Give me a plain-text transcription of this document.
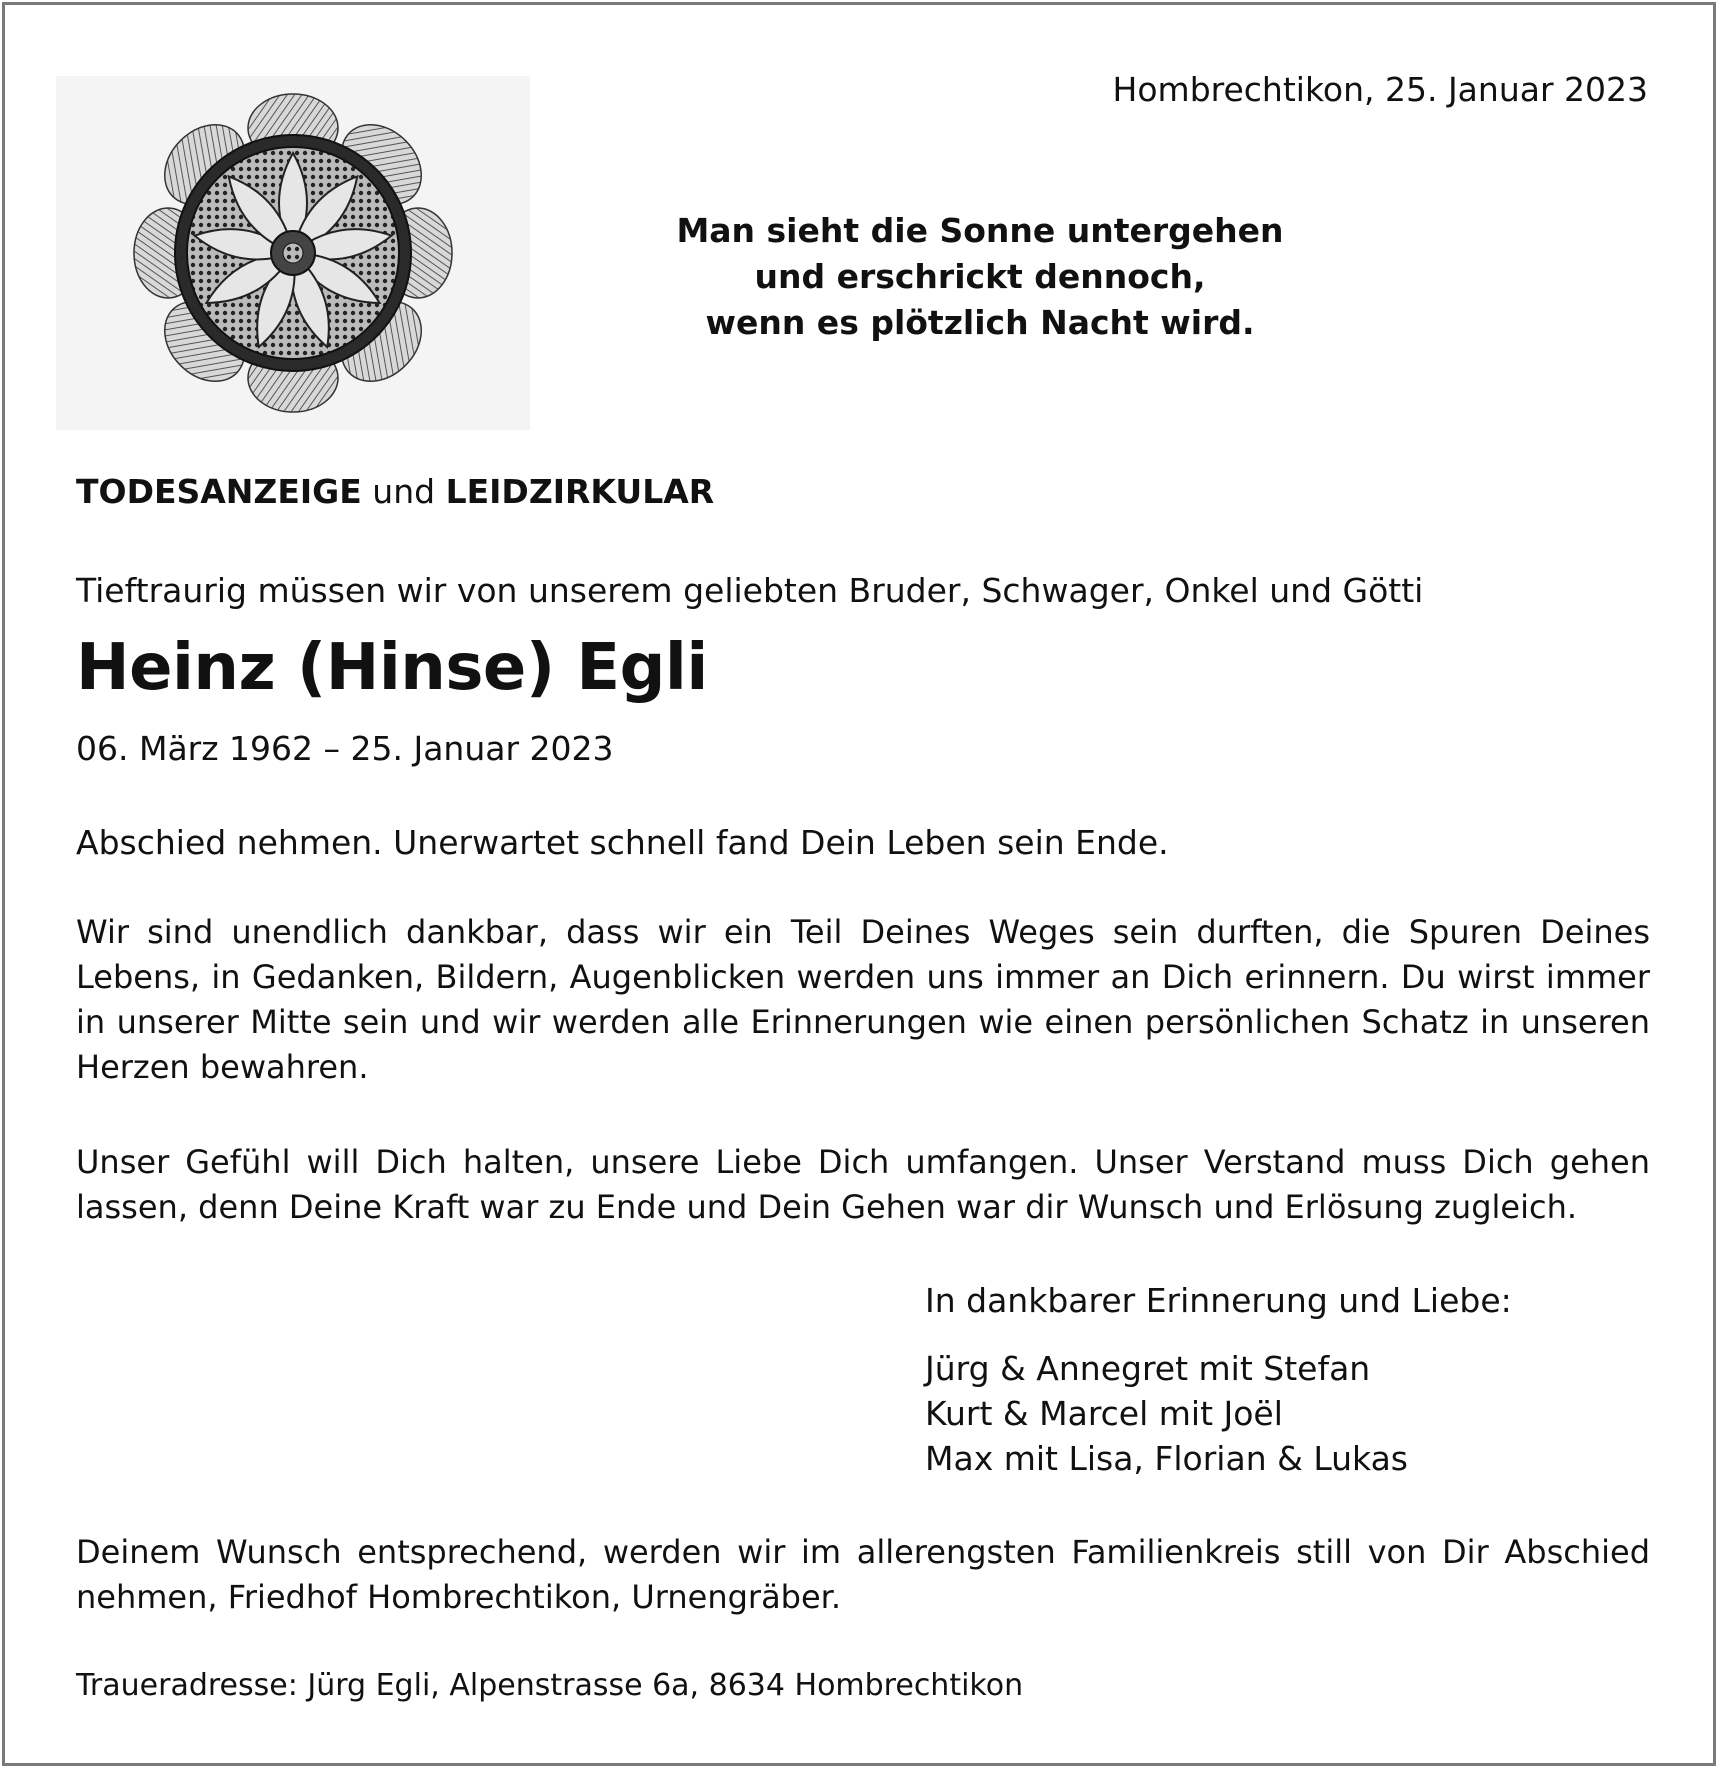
Hombrechtikon, 25. Januar 2023
Man sieht die Sonne untergehen
und erschrickt dennoch,
wenn es plötzlich Nacht wird.
TODESANZEIGE und LEIDZIRKULAR
Tieftraurig müssen wir von unserem geliebten Bruder, Schwager, Onkel und Götti
Heinz (Hinse) Egli
06. März 1962 – 25. Januar 2023
Abschied nehmen. Unerwartet schnell fand Dein Leben sein Ende.
Wir sind unendlich dankbar, dass wir ein Teil Deines Weges sein durften, die Spuren Deines Lebens, in Gedanken, Bildern, Augenblicken werden uns immer an Dich erinnern. Du wirst immer in unserer Mitte sein und wir werden alle Erinnerungen wie einen persönlichen Schatz in unseren Herzen bewahren.
Unser Gefühl will Dich halten, unsere Liebe Dich umfangen. Unser Verstand muss Dich gehen lassen, denn Deine Kraft war zu Ende und Dein Gehen war dir Wunsch und Erlösung zugleich.
In dankbarer Erinnerung und Liebe:
Jürg & Annegret mit Stefan
Kurt & Marcel mit Joël
Max mit Lisa, Florian & Lukas
Deinem Wunsch entsprechend, werden wir im allerengsten Familienkreis still von Dir Abschied nehmen, Friedhof Hombrechtikon, Urnengräber.
Traueradresse: Jürg Egli, Alpenstrasse 6a, 8634 Hombrechtikon
